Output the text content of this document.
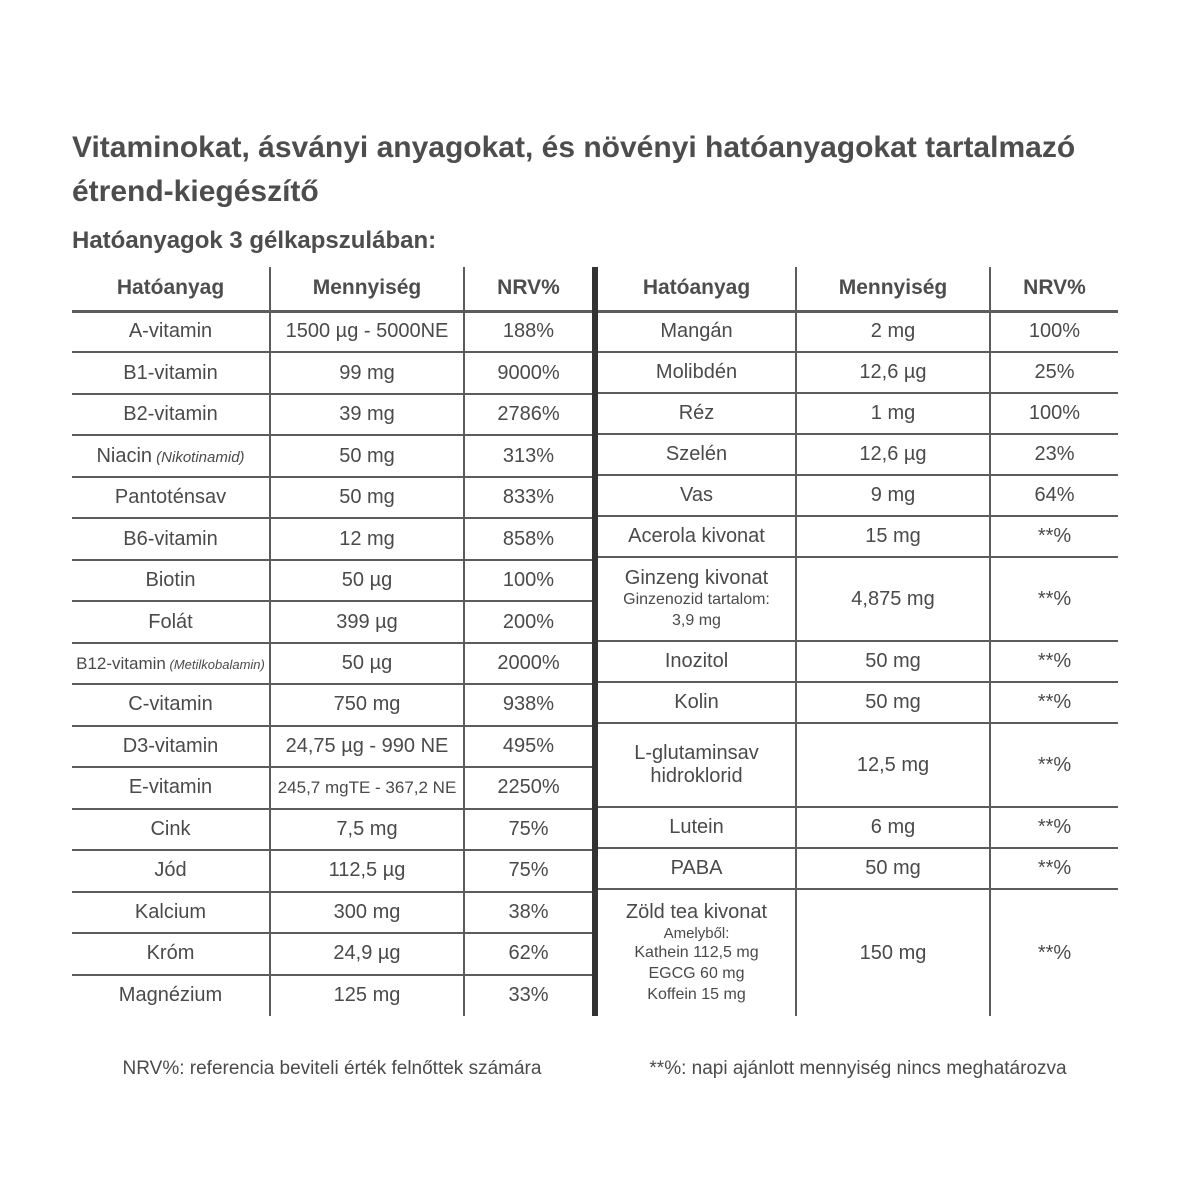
Vitaminokat, ásványi anyagokat, és növényi hatóanyagokat tartalmazó
étrend-kiegészítő
Hatóanyagok 3 gélkapszulában:
Hatóanyag	Mennyiség	NRV%

A-vitamin	1500 µg - 5000NE	188%

B1-vitamin	99 mg	9000%

B2-vitamin	39 mg	2786%

Niacin (Nikotinamid)	50 mg	313%

Pantoténsav	50 mg	833%

B6-vitamin	12 mg	858%

Biotin	50 µg	100%

Folát	399 µg	200%

B12-vitamin (Metilkobalamin)	50 µg	2000%

C-vitamin	750 mg	938%

D3-vitamin	24,75 µg - 990 NE	495%

E-vitamin	245,7 mgTE - 367,2 NE	2250%

Cink	7,5 mg	75%

Jód	112,5 µg	75%

Kalcium	300 mg	38%

Króm	24,9 µg	62%

Magnézium	125 mg	33%
Hatóanyag	Mennyiség	NRV%

Mangán	2 mg	100%

Molibdén	12,6 µg	25%

Réz	1 mg	100%

Szelén	12,6 µg	23%

Vas	9 mg	64%

Acerola kivonat	15 mg	**%

Ginzeng kivonat
Ginzenozid tartalom:
3,9 mg	4,875 mg	**%

Inozitol	50 mg	**%

Kolin	50 mg	**%

L-glutaminsav hidroklorid	12,5 mg	**%

Lutein	6 mg	**%

PABA	50 mg	**%

Zöld tea kivonat
Amelyből:
Kathein 112,5 mg
EGCG 60 mg
Koffein 15 mg	150 mg	**%
NRV%: referencia beviteli érték felnőttek számára	**%: napi ajánlott mennyiség nincs meghatározva
